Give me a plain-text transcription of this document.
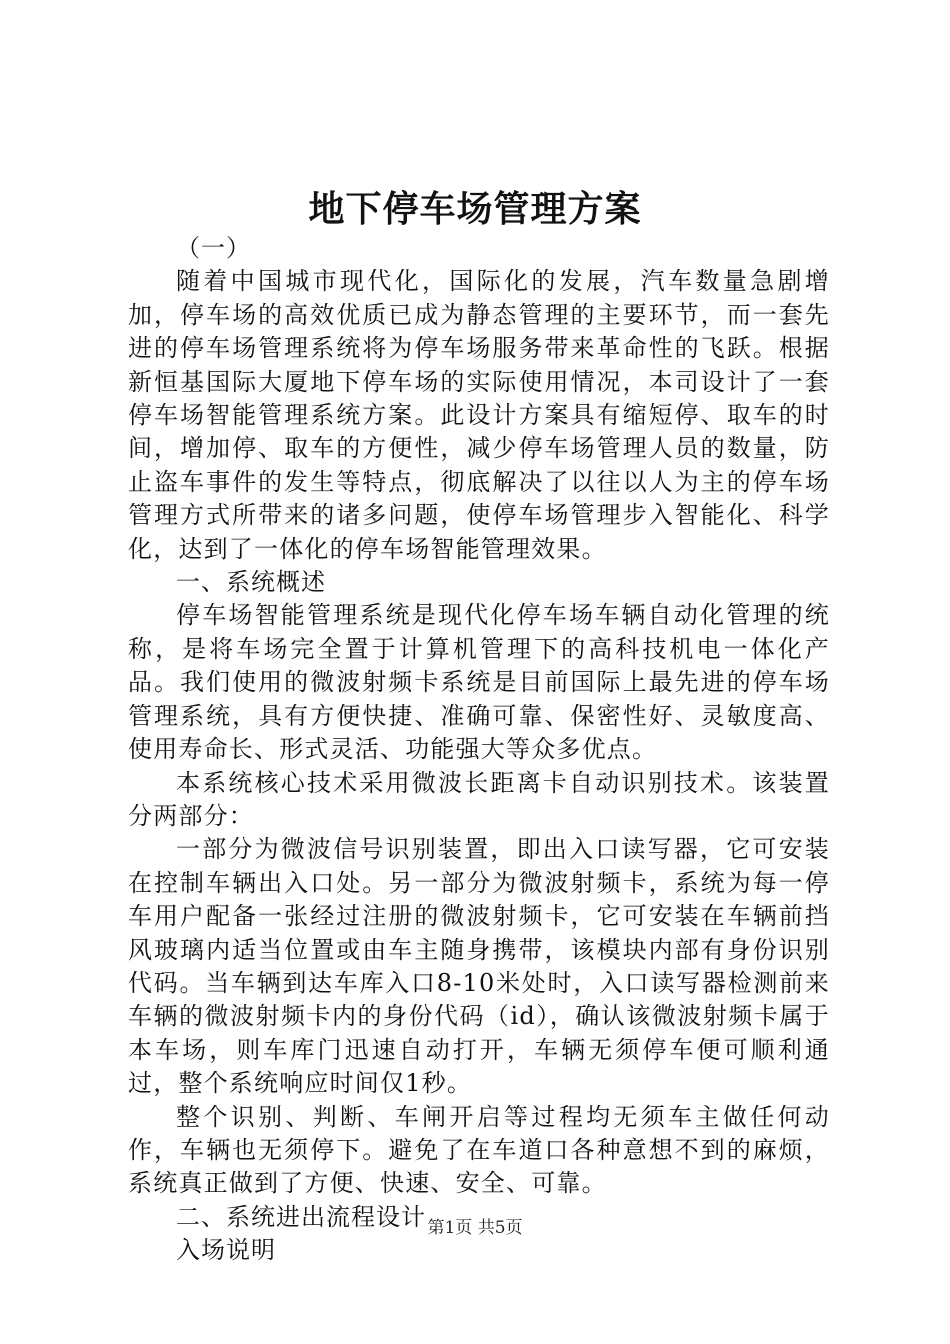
地下停车场管理方案

（一）

随着中国城市现代化，国际化的发展，汽车数量急剧增加，停车场的高效优质已成为静态管理的主要环节，而一套先进的停车场管理系统将为停车场服务带来革命性的飞跃。根据新恒基国际大厦地下停车场的实际使用情况，本司设计了一套停车场智能管理系统方案。此设计方案具有缩短停、取车的时间，增加停、取车的方便性，减少停车场管理人员的数量，防止盗车事件的发生等特点，彻底解决了以往以人为主的停车场管理方式所带来的诸多问题，使停车场管理步入智能化、科学化，达到了一体化的停车场智能管理效果。

一、系统概述

停车场智能管理系统是现代化停车场车辆自动化管理的统称，是将车场完全置于计算机管理下的高科技机电一体化产品。我们使用的微波射频卡系统是目前国际上最先进的停车场管理系统，具有方便快捷、准确可靠、保密性好、灵敏度高、使用寿命长、形式灵活、功能强大等众多优点。

本系统核心技术采用微波长距离卡自动识别技术。该装置分两部分：

一部分为微波信号识别装置，即出入口读写器，它可安装在控制车辆出入口处。另一部分为微波射频卡，系统为每一停车用户配备一张经过注册的微波射频卡，它可安装在车辆前挡风玻璃内适当位置或由车主随身携带，该模块内部有身份识别代码。当车辆到达车库入口8-10米处时，入口读写器检测前来车辆的微波射频卡内的身份代码（id），确认该微波射频卡属于本车场，则车库门迅速自动打开，车辆无须停车便可顺利通过，整个系统响应时间仅1秒。

整个识别、判断、车闸开启等过程均无须车主做任何动作，车辆也无须停下。避免了在车道口各种意想不到的麻烦，系统真正做到了方便、快速、安全、可靠。

二、系统进出流程设计

入场说明

第1页 共5页
